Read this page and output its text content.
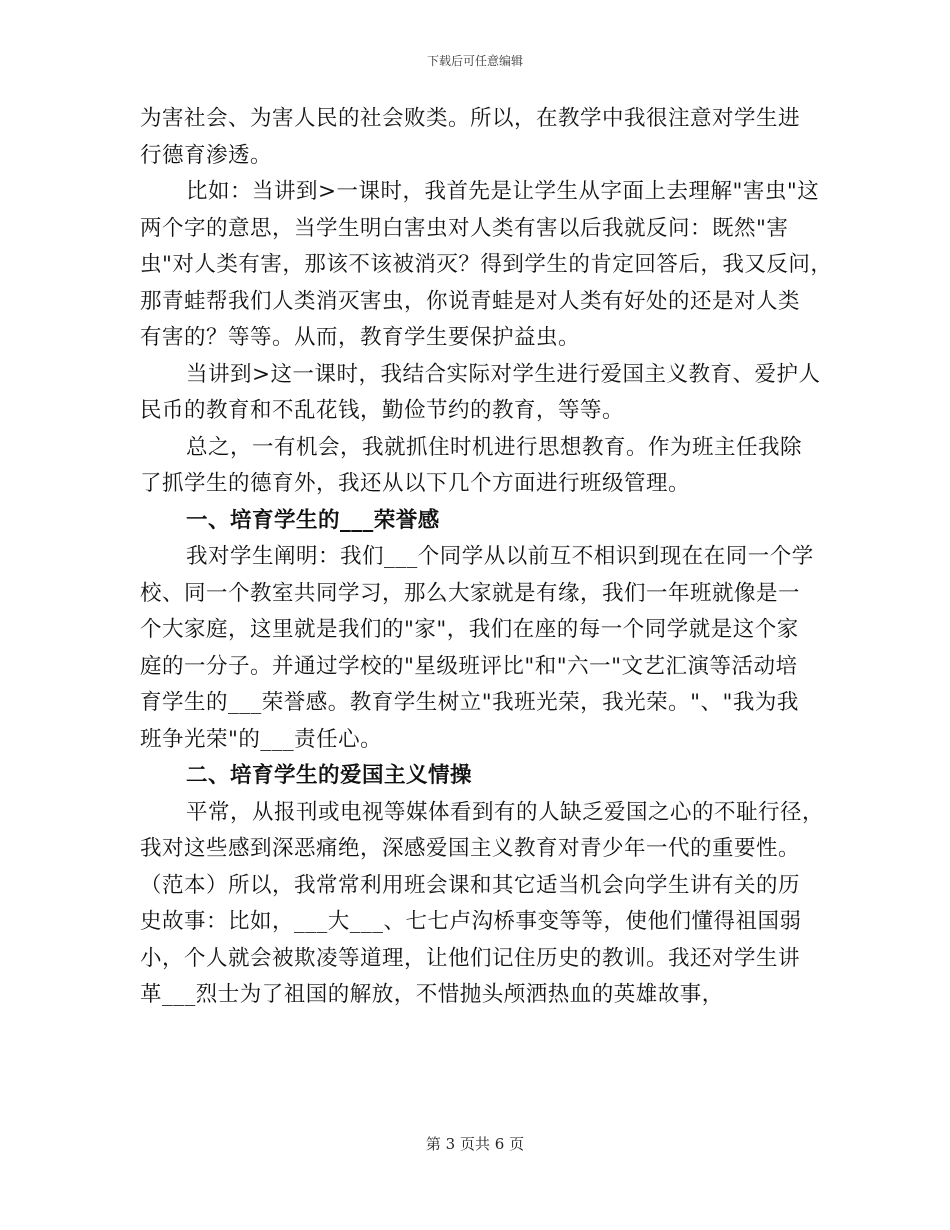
下载后可任意编辑
为害社会、为害人民的社会败类。所以，在教学中我很注意对学生进
行德育渗透。
比如：当讲到>一课时，我首先是让学生从字面上去理解"害虫"这
两个字的意思，当学生明白害虫对人类有害以后我就反问：既然"害
虫"对人类有害，那该不该被消灭？得到学生的肯定回答后，我又反问，
那青蛙帮我们人类消灭害虫，你说青蛙是对人类有好处的还是对人类
有害的？等等。从而，教育学生要保护益虫。
当讲到>这一课时，我结合实际对学生进行爱国主义教育、爱护人
民币的教育和不乱花钱，勤俭节约的教育，等等。
总之，一有机会，我就抓住时机进行思想教育。作为班主任我除
了抓学生的德育外，我还从以下几个方面进行班级管理。
一、培育学生的___荣誉感
我对学生阐明：我们___个同学从以前互不相识到现在在同一个学
校、同一个教室共同学习，那么大家就是有缘，我们一年班就像是一
个大家庭，这里就是我们的"家"，我们在座的每一个同学就是这个家
庭的一分子。并通过学校的"星级班评比"和"六一"文艺汇演等活动培
育学生的___荣誉感。教育学生树立"我班光荣，我光荣。"、"我为我
班争光荣"的___责任心。
二、培育学生的爱国主义情操
平常，从报刊或电视等媒体看到有的人缺乏爱国之心的不耻行径，
我对这些感到深恶痛绝，深感爱国主义教育对青少年一代的重要性。
（范本）所以，我常常利用班会课和其它适当机会向学生讲有关的历
史故事：比如，___大___、七七卢沟桥事变等等，使他们懂得祖国弱
小，个人就会被欺凌等道理，让他们记住历史的教训。我还对学生讲
革___烈士为了祖国的解放，不惜抛头颅洒热血的英雄故事，
第 3 页共 6 页
